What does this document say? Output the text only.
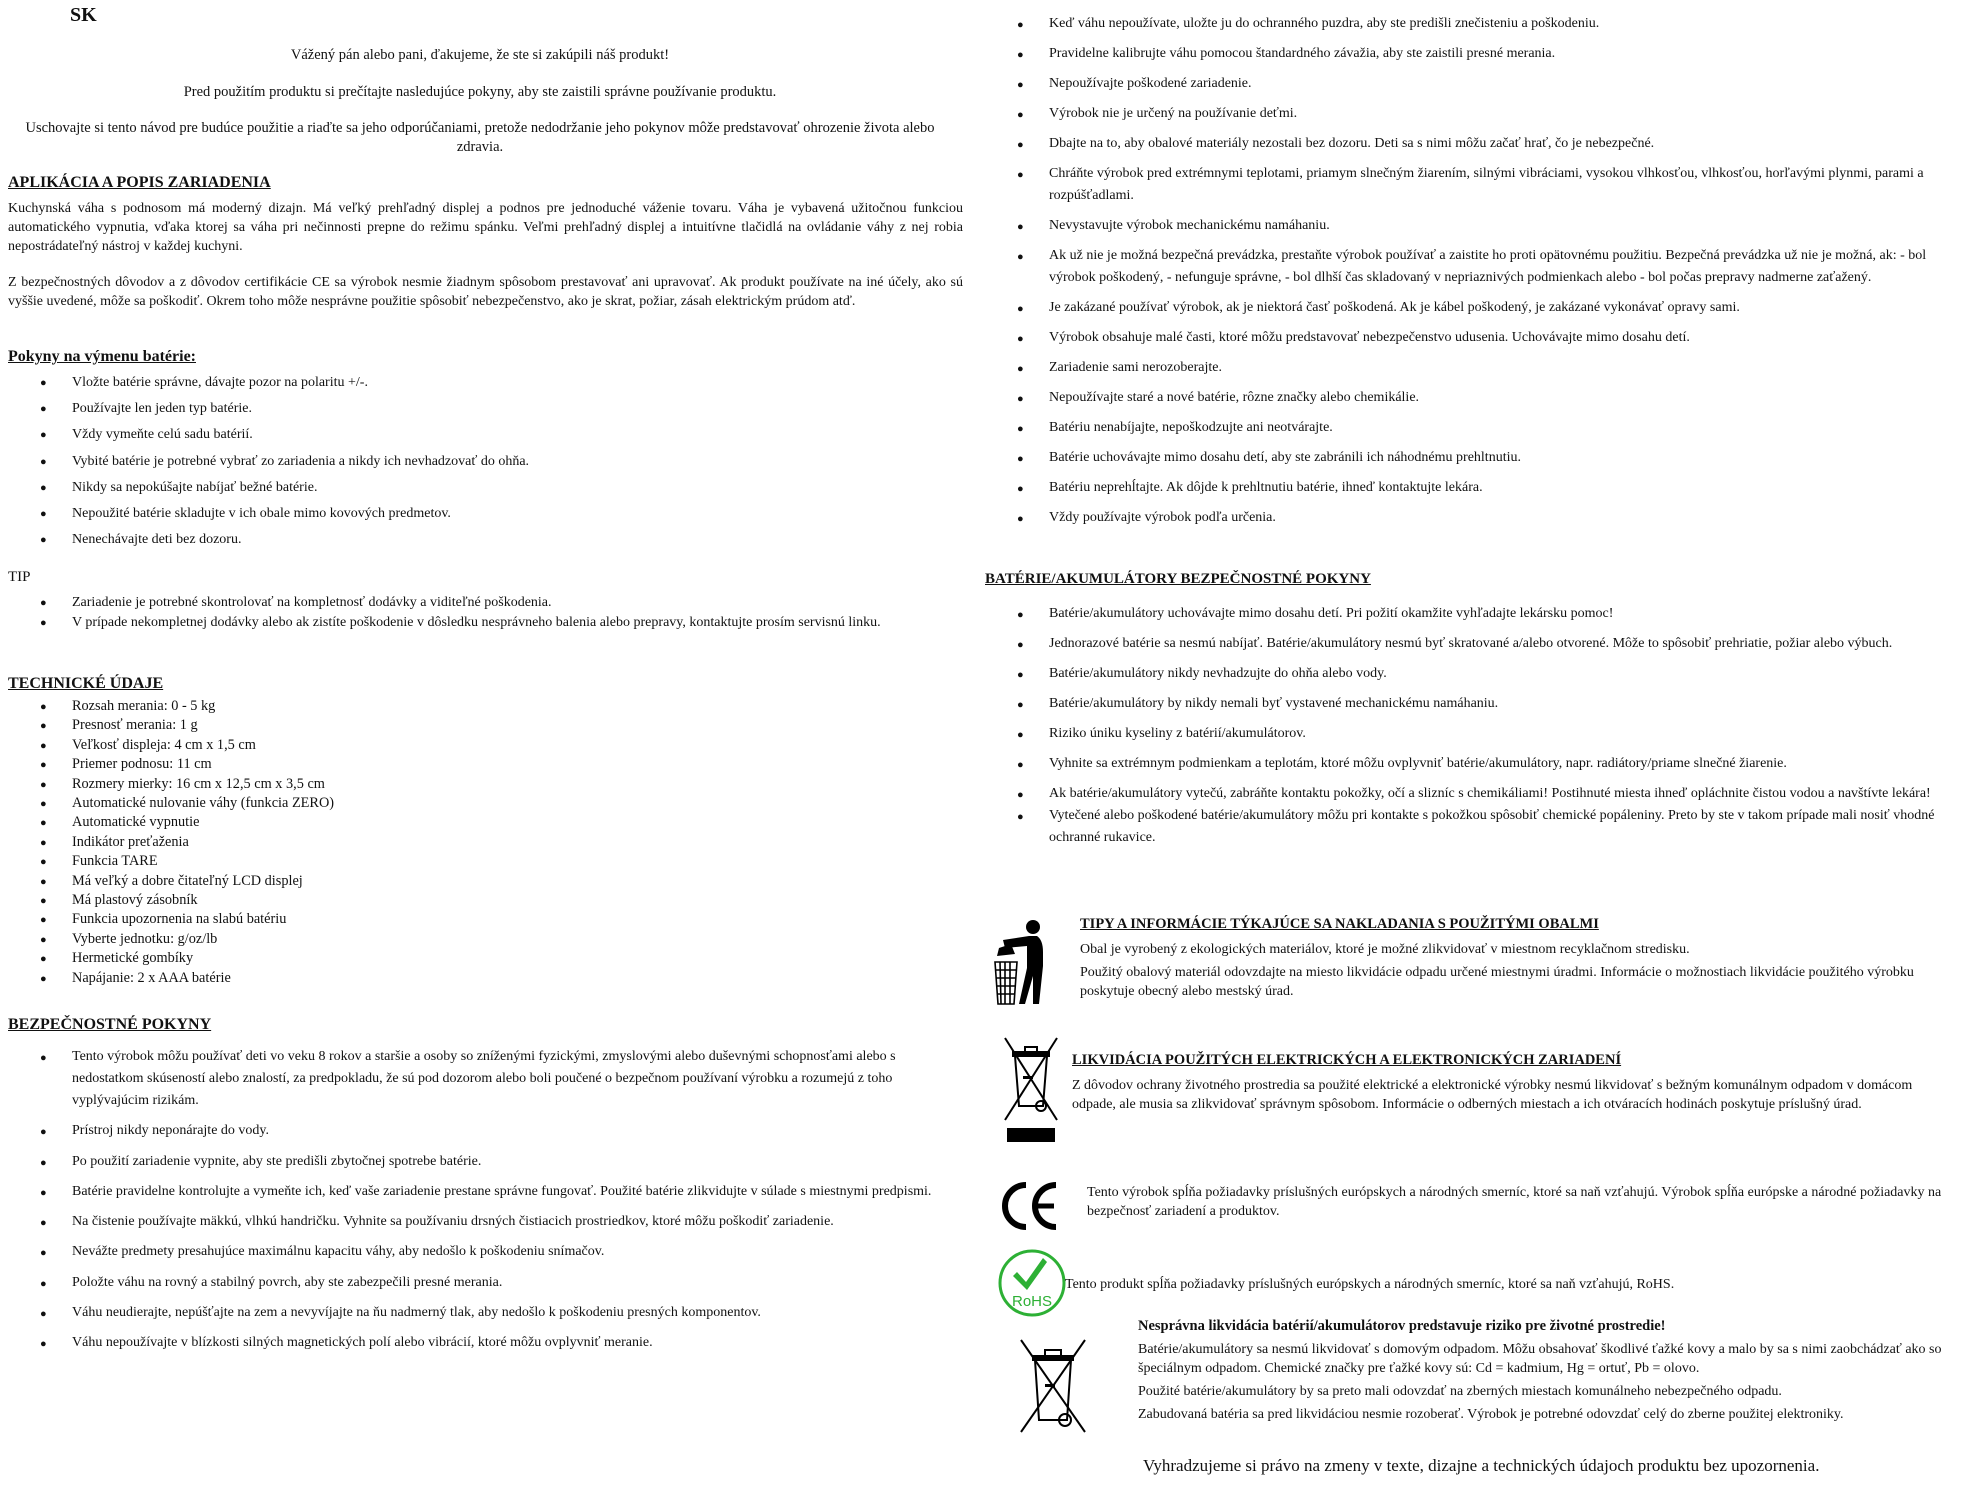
SK
Vážený pán alebo pani, ďakujeme, že ste si zakúpili náš produkt!
Pred použitím produktu si prečítajte nasledujúce pokyny, aby ste zaistili správne používanie produktu.
Uschovajte si tento návod pre budúce použitie a riaďte sa jeho odporúčaniami, pretože nedodržanie jeho pokynov môže predstavovať ohrozenie života alebo zdravia.
APLIKÁCIA A POPIS ZARIADENIA
Kuchynská váha s podnosom má moderný dizajn. Má veľký prehľadný displej a podnos pre jednoduché váženie tovaru. Váha je vybavená užitočnou funkciou automatického vypnutia, vďaka ktorej sa váha pri nečinnosti prepne do režimu spánku. Veľmi prehľadný displej a intuitívne tlačidlá na ovládanie váhy z nej robia nepostrádateľný nástroj v každej kuchyni.
Z bezpečnostných dôvodov a z dôvodov certifikácie CE sa výrobok nesmie žiadnym spôsobom prestavovať ani upravovať. Ak produkt používate na iné účely, ako sú vyššie uvedené, môže sa poškodiť. Okrem toho môže nesprávne použitie spôsobiť nebezpečenstvo, ako je skrat, požiar, zásah elektrickým prúdom atď.
Pokyny na výmenu batérie:
● Vložte batérie správne, dávajte pozor na polaritu +/-.
● Používajte len jeden typ batérie.
● Vždy vymeňte celú sadu batérií.
● Vybité batérie je potrebné vybrať zo zariadenia a nikdy ich nevhadzovať do ohňa.
● Nikdy sa nepokúšajte nabíjať bežné batérie.
● Nepoužité batérie skladujte v ich obale mimo kovových predmetov.
● Nenechávajte deti bez dozoru.
TIP
● Zariadenie je potrebné skontrolovať na kompletnosť dodávky a viditeľné poškodenia.
● V prípade nekompletnej dodávky alebo ak zistíte poškodenie v dôsledku nesprávneho balenia alebo prepravy, kontaktujte prosím servisnú linku.
TECHNICKÉ ÚDAJE
● Rozsah merania: 0 - 5 kg
● Presnosť merania: 1 g
● Veľkosť displeja: 4 cm x 1,5 cm
● Priemer podnosu: 11 cm
● Rozmery mierky: 16 cm x 12,5 cm x 3,5 cm
● Automatické nulovanie váhy (funkcia ZERO)
● Automatické vypnutie
● Indikátor preťaženia
● Funkcia TARE
● Má veľký a dobre čitateľný LCD displej
● Má plastový zásobník
● Funkcia upozornenia na slabú batériu
● Vyberte jednotku: g/oz/lb
● Hermetické gombíky
● Napájanie: 2 x AAA batérie
BEZPEČNOSTNÉ POKYNY
● Tento výrobok môžu používať deti vo veku 8 rokov a staršie a osoby so zníženými fyzickými, zmyslovými alebo duševnými schopnosťami alebo s nedostatkom skúseností alebo znalostí, za predpokladu, že sú pod dozorom alebo boli poučené o bezpečnom používaní výrobku a rozumejú z toho vyplývajúcim rizikám.
● Prístroj nikdy neponárajte do vody.
● Po použití zariadenie vypnite, aby ste predišli zbytočnej spotrebe batérie.
● Batérie pravidelne kontrolujte a vymeňte ich, keď vaše zariadenie prestane správne fungovať. Použité batérie zlikvidujte v súlade s miestnymi predpismi.
● Na čistenie používajte mäkkú, vlhkú handričku. Vyhnite sa používaniu drsných čistiacich prostriedkov, ktoré môžu poškodiť zariadenie.
● Nevážte predmety presahujúce maximálnu kapacitu váhy, aby nedošlo k poškodeniu snímačov.
● Položte váhu na rovný a stabilný povrch, aby ste zabezpečili presné merania.
● Váhu neudierajte, nepúšťajte na zem a nevyvíjajte na ňu nadmerný tlak, aby nedošlo k poškodeniu presných komponentov.
● Váhu nepoužívajte v blízkosti silných magnetických polí alebo vibrácií, ktoré môžu ovplyvniť meranie.
● Keď váhu nepoužívate, uložte ju do ochranného puzdra, aby ste predišli znečisteniu a poškodeniu.
● Pravidelne kalibrujte váhu pomocou štandardného závažia, aby ste zaistili presné merania.
● Nepoužívajte poškodené zariadenie.
● Výrobok nie je určený na používanie deťmi.
● Dbajte na to, aby obalové materiály nezostali bez dozoru. Deti sa s nimi môžu začať hrať, čo je nebezpečné.
● Chráňte výrobok pred extrémnymi teplotami, priamym slnečným žiarením, silnými vibráciami, vysokou vlhkosťou, vlhkosťou, horľavými plynmi, parami a rozpúšťadlami.
● Nevystavujte výrobok mechanickému namáhaniu.
● Ak už nie je možná bezpečná prevádzka, prestaňte výrobok používať a zaistite ho proti opätovnému použitiu. Bezpečná prevádzka už nie je možná, ak: - bol výrobok poškodený, - nefunguje správne, - bol dlhší čas skladovaný v nepriaznivých podmienkach alebo - bol počas prepravy nadmerne zaťažený.
● Je zakázané používať výrobok, ak je niektorá časť poškodená. Ak je kábel poškodený, je zakázané vykonávať opravy sami.
● Výrobok obsahuje malé časti, ktoré môžu predstavovať nebezpečenstvo udusenia. Uchovávajte mimo dosahu detí.
● Zariadenie sami nerozoberajte.
● Nepoužívajte staré a nové batérie, rôzne značky alebo chemikálie.
● Batériu nenabíjajte, nepoškodzujte ani neotvárajte.
● Batérie uchovávajte mimo dosahu detí, aby ste zabránili ich náhodnému prehltnutiu.
● Batériu neprehĺtajte. Ak dôjde k prehltnutiu batérie, ihneď kontaktujte lekára.
● Vždy používajte výrobok podľa určenia.
BATÉRIE/AKUMULÁTORY BEZPEČNOSTNÉ POKYNY
● Batérie/akumulátory uchovávajte mimo dosahu detí. Pri požití okamžite vyhľadajte lekársku pomoc!
● Jednorazové batérie sa nesmú nabíjať. Batérie/akumulátory nesmú byť skratované a/alebo otvorené. Môže to spôsobiť prehriatie, požiar alebo výbuch.
● Batérie/akumulátory nikdy nevhadzujte do ohňa alebo vody.
● Batérie/akumulátory by nikdy nemali byť vystavené mechanickému namáhaniu.
● Riziko úniku kyseliny z batérií/akumulátorov.
● Vyhnite sa extrémnym podmienkam a teplotám, ktoré môžu ovplyvniť batérie/akumulátory, napr. radiátory/priame slnečné žiarenie.
● Ak batérie/akumulátory vytečú, zabráňte kontaktu pokožky, očí a slizníc s chemikáliami! Postihnuté miesta ihneď opláchnite čistou vodou a navštívte lekára!
● Vytečené alebo poškodené batérie/akumulátory môžu pri kontakte s pokožkou spôsobiť chemické popáleniny. Preto by ste v takom prípade mali nosiť vhodné ochranné rukavice.
TIPY A INFORMÁCIE TÝKAJÚCE SA NAKLADANIA S POUŽITÝMI OBALMI

Obal je vyrobený z ekologických materiálov, ktoré je možné zlikvidovať v miestnom recyklačnom stredisku.

Použitý obalový materiál odovzdajte na miesto likvidácie odpadu určené miestnymi úradmi. Informácie o možnostiach likvidácie použitého výrobku poskytuje obecný alebo mestský úrad.

LIKVIDÁCIA POUŽITÝCH ELEKTRICKÝCH A ELEKTRONICKÝCH ZARIADENÍ
Z dôvodov ochrany životného prostredia sa použité elektrické a elektronické výrobky nesmú likvidovať s bežným komunálnym odpadom v domácom odpade, ale musia sa zlikvidovať správnym spôsobom. Informácie o odberných miestach a ich otváracích hodinách poskytuje príslušný úrad.
Tento výrobok spĺňa požiadavky príslušných európskych a národných smerníc, ktoré sa naň vzťahujú. Výrobok spĺňa európske a národné požiadavky na bezpečnosť zariadení a produktov.
RoHS
Tento produkt spĺňa požiadavky príslušných európskych a národných smerníc, ktoré sa naň vzťahujú, RoHS.
Nesprávna likvidácia batérií/akumulátorov predstavuje riziko pre životné prostredie!

Batérie/akumulátory sa nesmú likvidovať s domovým odpadom. Môžu obsahovať škodlivé ťažké kovy a malo by sa s nimi zaobchádzať ako so špeciálnym odpadom. Chemické značky pre ťažké kovy sú: Cd = kadmium, Hg = ortuť, Pb = olovo.

Použité batérie/akumulátory by sa preto mali odovzdať na zberných miestach komunálneho nebezpečného odpadu.

Zabudovaná batéria sa pred likvidáciou nesmie rozoberať. Výrobok je potrebné odovzdať celý do zberne použitej elektroniky.

Vyhradzujeme si právo na zmeny v texte, dizajne a technických údajoch produktu bez upozornenia.
